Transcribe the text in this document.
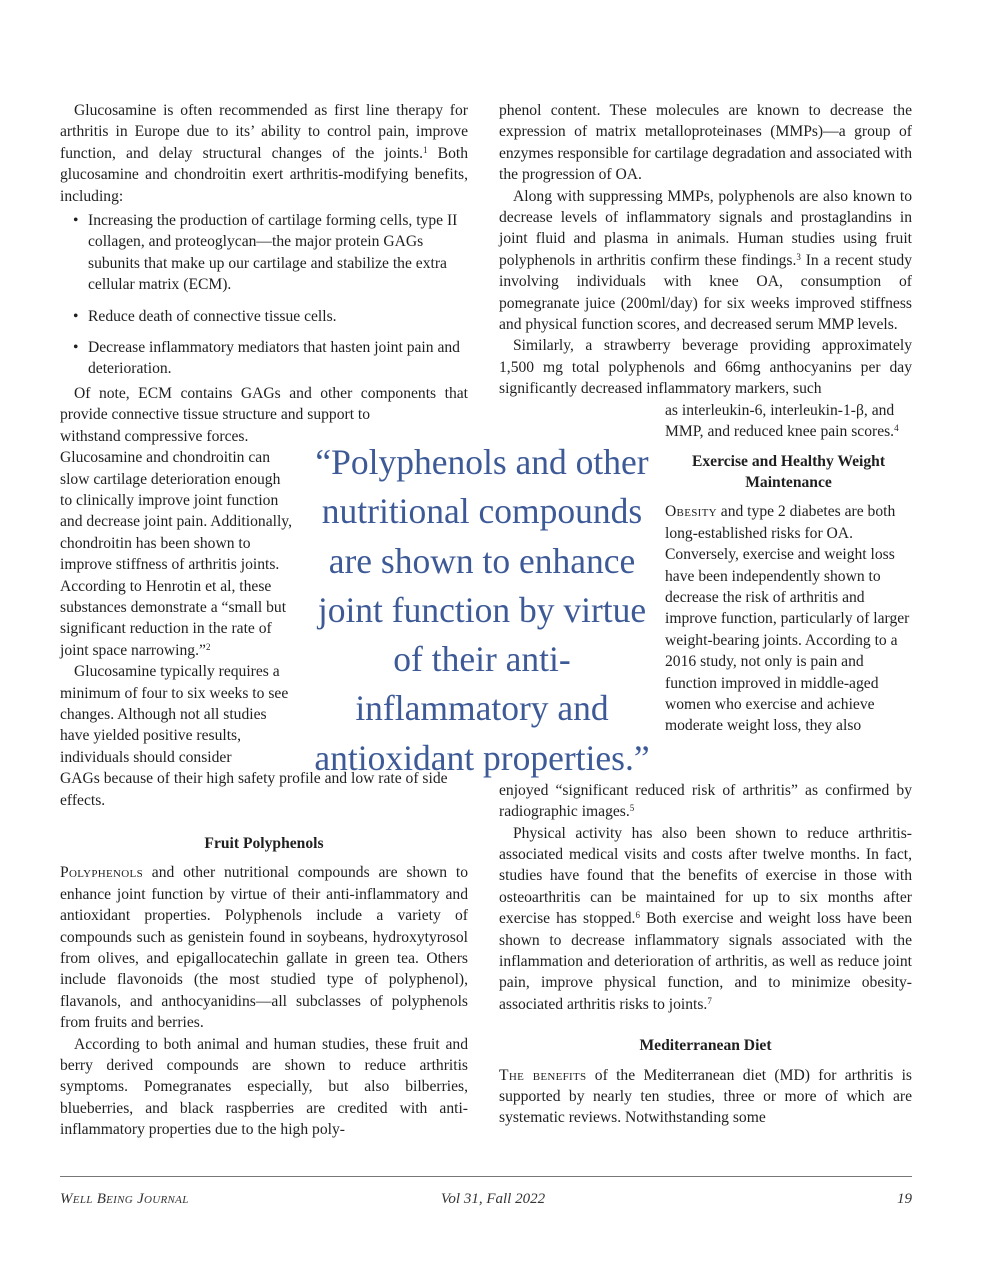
Glucosamine is often recommended as first line therapy for arthritis in Europe due to its’ ability to control pain, improve function, and delay structural changes of the joints.$^1$ Both glucosamine and chondroitin exert arthritis-modifying benefits, including:

• Increasing the production of cartilage forming cells, type II collagen, and proteoglycan—the major protein GAGs subunits that make up our cartilage and stabilize the extra cellular matrix (ECM).
• Reduce death of connective tissue cells.
• Decrease inflammatory mediators that hasten joint pain and deterioration.

Of note, ECM contains GAGs and other components that provide connective tissue structure and support to

withstand compressive forces. Glucosamine and chondroitin can slow cartilage deterioration enough to clinically improve joint function and decrease joint pain. Additionally, chondroitin has been shown to improve stiffness of arthritis joints. According to Henrotin et al, these substances demonstrate a “small but significant reduction in the rate of joint space narrowing.”$^2$

Glucosamine typically requires a minimum of four to six weeks to see changes. Although not all studies have yielded positive results, individuals should consider

GAGs because of their high safety profile and low rate of side effects.

Fruit Polyphenols

Polyphenols and other nutritional compounds are shown to enhance joint function by virtue of their anti-inflammatory and antioxidant properties. Polyphenols include a variety of compounds such as genistein found in soybeans, hydroxytyrosol from olives, and epigallocatechin gallate in green tea. Others include flavonoids (the most studied type of polyphenol), flavanols, and anthocyanidins—all subclasses of polyphenols from fruits and berries.

According to both animal and human studies, these fruit and berry derived compounds are shown to reduce arthritis symptoms. Pomegranates especially, but also bilberries, blueberries, and black raspberries are credited with anti-inflammatory properties due to the high poly-

“Polyphenols and other nutritional compounds are shown to enhance joint function by virtue of their anti-inflammatory and antioxidant properties.”

phenol content. These molecules are known to decrease the expression of matrix metalloproteinases (MMPs)—a group of enzymes responsible for cartilage degradation and associated with the progression of OA.

Along with suppressing MMPs, polyphenols are also known to decrease levels of inflammatory signals and prostaglandins in joint fluid and plasma in animals. Human studies using fruit polyphenols in arthritis confirm these findings.$^3$ In a recent study involving individuals with knee OA, consumption of pomegranate juice (200ml/day) for six weeks improved stiffness and physical function scores, and decreased serum MMP levels.

Similarly, a strawberry beverage providing approximately 1,500 mg total polyphenols and 66mg anthocyanins per day significantly decreased inflammatory markers, such

as interleukin-6, interleukin-1-β, and MMP, and reduced knee pain scores.$^4$

Exercise and Healthy Weight Maintenance

Obesity and type 2 diabetes are both long-established risks for OA. Conversely, exercise and weight loss have been independently shown to decrease the risk of arthritis and improve function, particularly of larger weight-bearing joints. According to a 2016 study, not only is pain and function improved in middle-aged women who exercise and achieve moderate weight loss, they also

enjoyed “significant reduced risk of arthritis” as confirmed by radiographic images.$^5$

Physical activity has also been shown to reduce arthritis-associated medical visits and costs after twelve months. In fact, studies have found that the benefits of exercise in those with osteoarthritis can be maintained for up to six months after exercise has stopped.$^6$ Both exercise and weight loss have been shown to decrease inflammatory signals associated with the inflammation and deterioration of arthritis, as well as reduce joint pain, improve physical function, and to minimize obesity-associated arthritis risks to joints.$^7$

Mediterranean Diet

The benefits of the Mediterranean diet (MD) for arthritis is supported by nearly ten studies, three or more of which are systematic reviews. Notwithstanding some

Well Being Journal	Vol 31, Fall 2022	19
